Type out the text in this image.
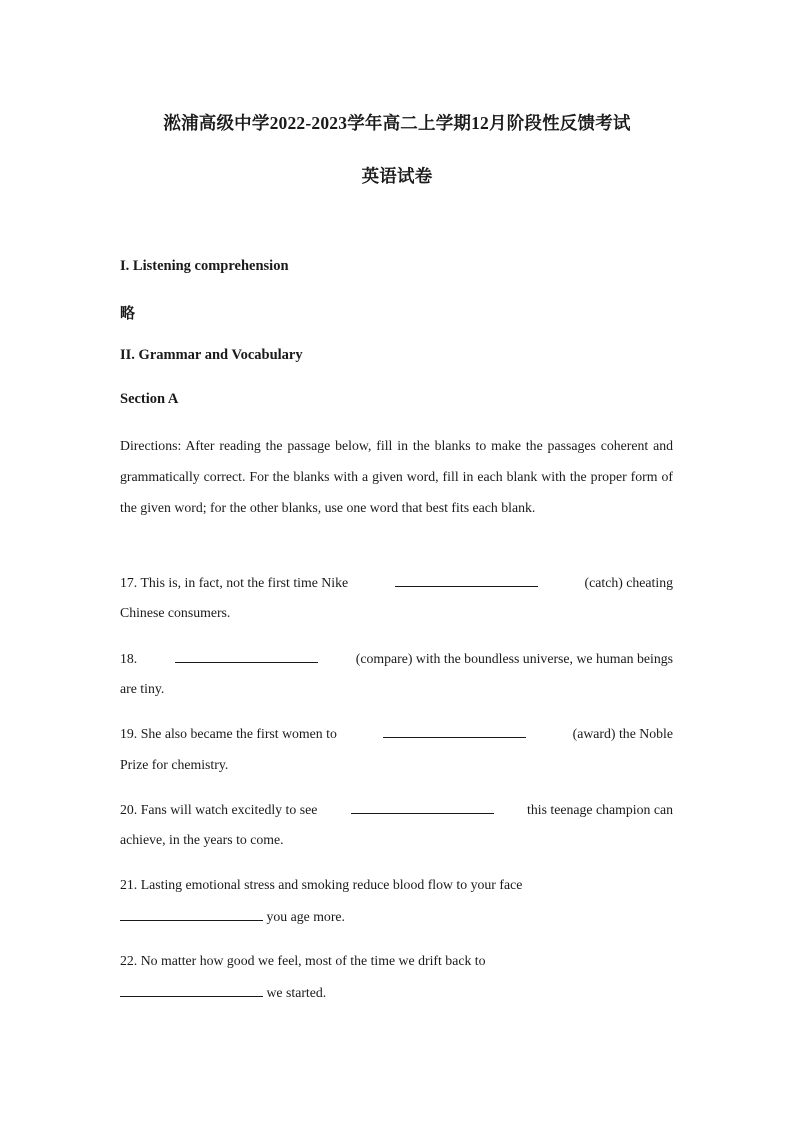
淞浦高级中学2022-2023学年高二上学期12月阶段性反馈考试
英语试卷
I. Listening comprehension
略
II. Grammar and Vocabulary
Section A
Directions: After reading the passage below, fill in the blanks to make the passages coherent and grammatically correct. For the blanks with a given word, fill in each blank with the proper form of the given word; for the other blanks, use one word that best fits each blank.
17. This is, in fact, not the first time Nike	(catch) cheating
Chinese consumers.
18.	(compare) with the boundless universe, we human beings
are tiny.
19. She also became the first women to	(award) the Noble
Prize for chemistry.
20. Fans will watch excitedly to see	this teenage champion can
achieve, in the years to come.
21. Lasting emotional stress and smoking reduce blood flow to your face
you age more.
22. No matter how good we feel, most of the time we drift back to
we started.
